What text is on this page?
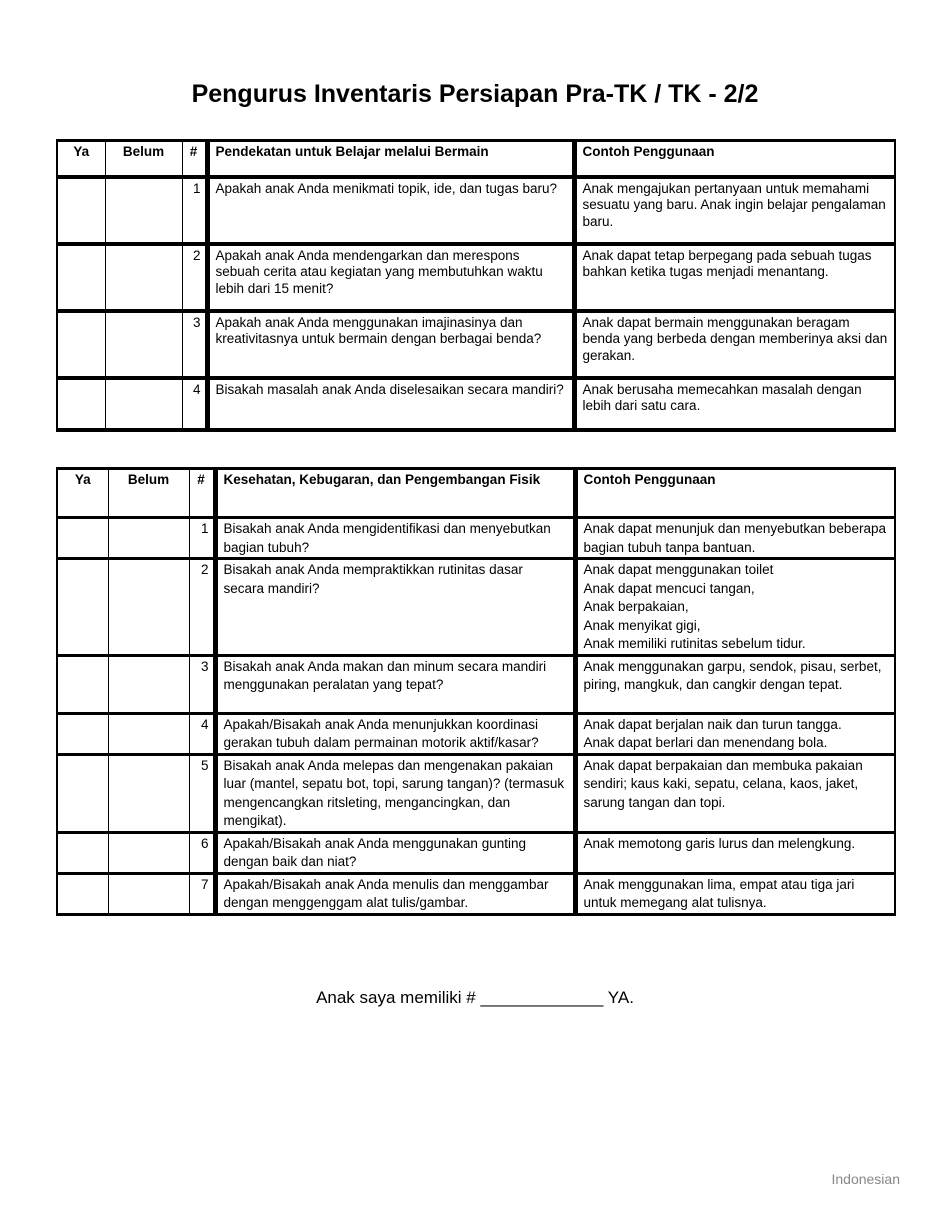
Pengurus Inventaris Persiapan Pra-TK / TK - 2/2
Ya	Belum	#	Pendekatan untuk Belajar melalui Bermain	Contoh Penggunaan
		1	Apakah anak Anda menikmati topik, ide, dan tugas baru?	Anak mengajukan pertanyaan untuk memahami sesuatu yang baru. Anak ingin belajar pengalaman baru.

		2	Apakah anak Anda mendengarkan dan merespons sebuah cerita atau kegiatan yang membutuhkan waktu lebih dari 15 menit?	Anak dapat tetap berpegang pada sebuah tugas bahkan ketika tugas menjadi menantang.

		3	Apakah anak Anda menggunakan imajinasinya dan kreativitasnya untuk bermain dengan berbagai benda?	Anak dapat bermain menggunakan beragam benda yang berbeda dengan memberinya aksi dan gerakan.

		4	Bisakah masalah anak Anda diselesaikan secara mandiri?	Anak berusaha memecahkan masalah dengan lebih dari satu cara.
Ya	Belum	#	Kesehatan, Kebugaran, dan Pengembangan Fisik	Contoh Penggunaan
		1	Bisakah anak Anda mengidentifikasi dan menyebutkan bagian tubuh?	Anak dapat menunjuk dan menyebutkan beberapa bagian tubuh tanpa bantuan.

		2	Bisakah anak Anda mempraktikkan rutinitas dasar secara mandiri?	Anak dapat menggunakan toilet
Anak dapat mencuci tangan,
Anak berpakaian,
Anak menyikat gigi,
Anak memiliki rutinitas sebelum tidur.

		3	Bisakah anak Anda makan dan minum secara mandiri menggunakan peralatan yang tepat?	Anak menggunakan garpu, sendok, pisau, serbet, piring, mangkuk, dan cangkir dengan tepat.

		4	Apakah/Bisakah anak Anda menunjukkan koordinasi gerakan tubuh dalam permainan motorik aktif/kasar?	Anak dapat berjalan naik dan turun tangga.
Anak dapat berlari dan menendang bola.

		5	Bisakah anak Anda melepas dan mengenakan pakaian luar (mantel, sepatu bot, topi, sarung tangan)? (termasuk mengencangkan ritsleting, mengancingkan, dan mengikat).	Anak dapat berpakaian dan membuka pakaian sendiri; kaus kaki, sepatu, celana, kaos, jaket, sarung tangan dan topi.

		6	Apakah/Bisakah anak Anda menggunakan gunting dengan baik dan niat?	Anak memotong garis lurus dan melengkung.

		7	Apakah/Bisakah anak Anda menulis dan menggambar dengan menggenggam alat tulis/gambar.	Anak menggunakan lima, empat atau tiga jari untuk memegang alat tulisnya.
Anak saya memiliki # _____________ YA.
Indonesian
